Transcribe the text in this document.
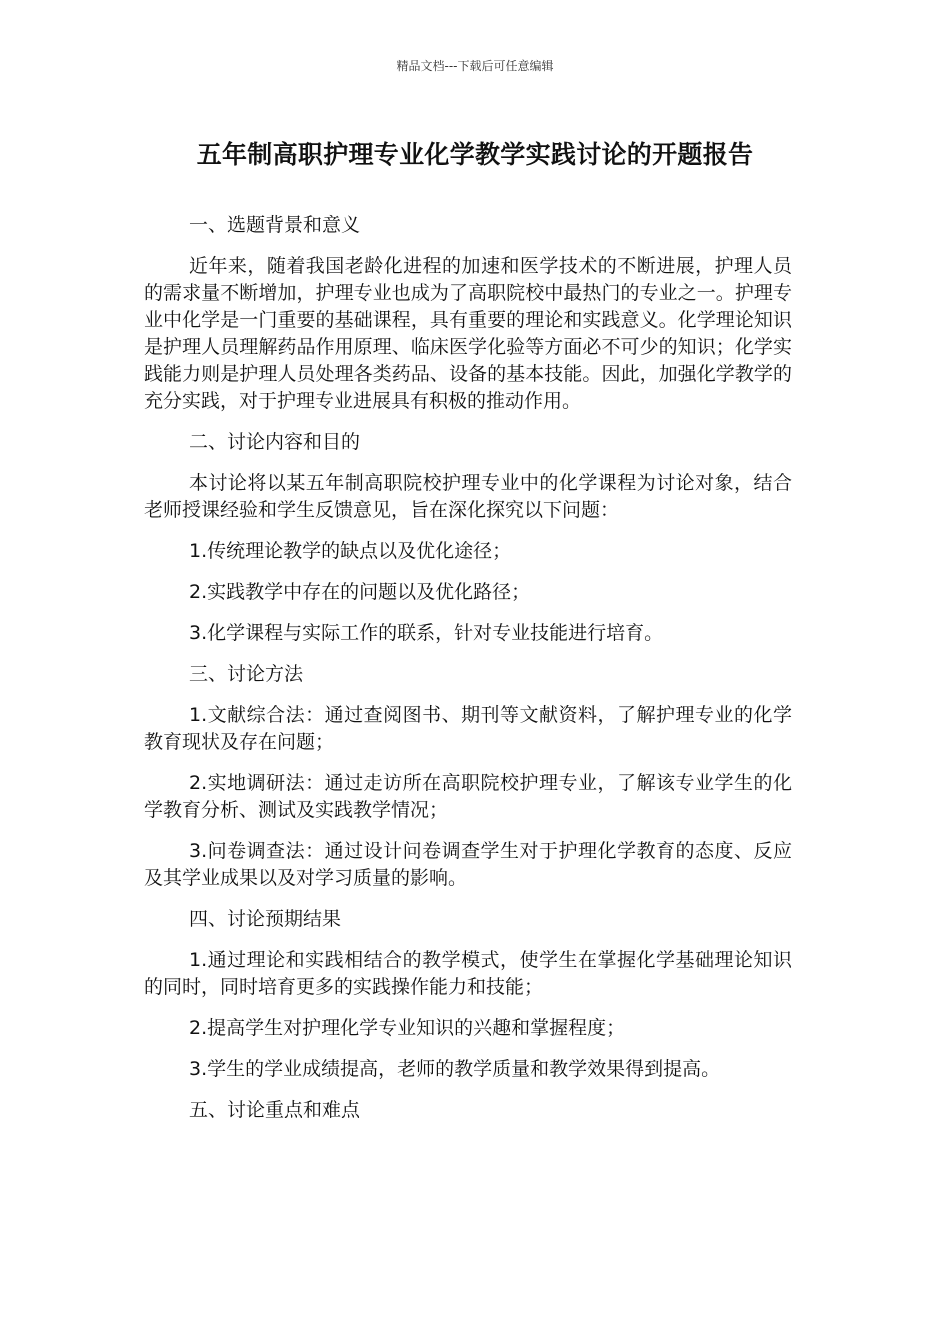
精品文档---下载后可任意编辑
五年制高职护理专业化学教学实践讨论的开题报告

一、选题背景和意义

近年来，随着我国老龄化进程的加速和医学技术的不断进展，护理人员的需求量不断增加，护理专业也成为了高职院校中最热门的专业之一。护理专业中化学是一门重要的基础课程，具有重要的理论和实践意义。化学理论知识是护理人员理解药品作用原理、临床医学化验等方面必不可少的知识；化学实践能力则是护理人员处理各类药品、设备的基本技能。因此，加强化学教学的充分实践，对于护理专业进展具有积极的推动作用。

二、讨论内容和目的

本讨论将以某五年制高职院校护理专业中的化学课程为讨论对象，结合老师授课经验和学生反馈意见，旨在深化探究以下问题：

1.传统理论教学的缺点以及优化途径；

2.实践教学中存在的问题以及优化路径；

3.化学课程与实际工作的联系，针对专业技能进行培育。

三、讨论方法

1.文献综合法：通过查阅图书、期刊等文献资料，了解护理专业的化学教育现状及存在问题；

2.实地调研法：通过走访所在高职院校护理专业，了解该专业学生的化学教育分析、测试及实践教学情况；

3.问卷调查法：通过设计问卷调查学生对于护理化学教育的态度、反应及其学业成果以及对学习质量的影响。

四、讨论预期结果

1.通过理论和实践相结合的教学模式，使学生在掌握化学基础理论知识的同时，同时培育更多的实践操作能力和技能；

2.提高学生对护理化学专业知识的兴趣和掌握程度；

3.学生的学业成绩提高，老师的教学质量和教学效果得到提高。

五、讨论重点和难点
